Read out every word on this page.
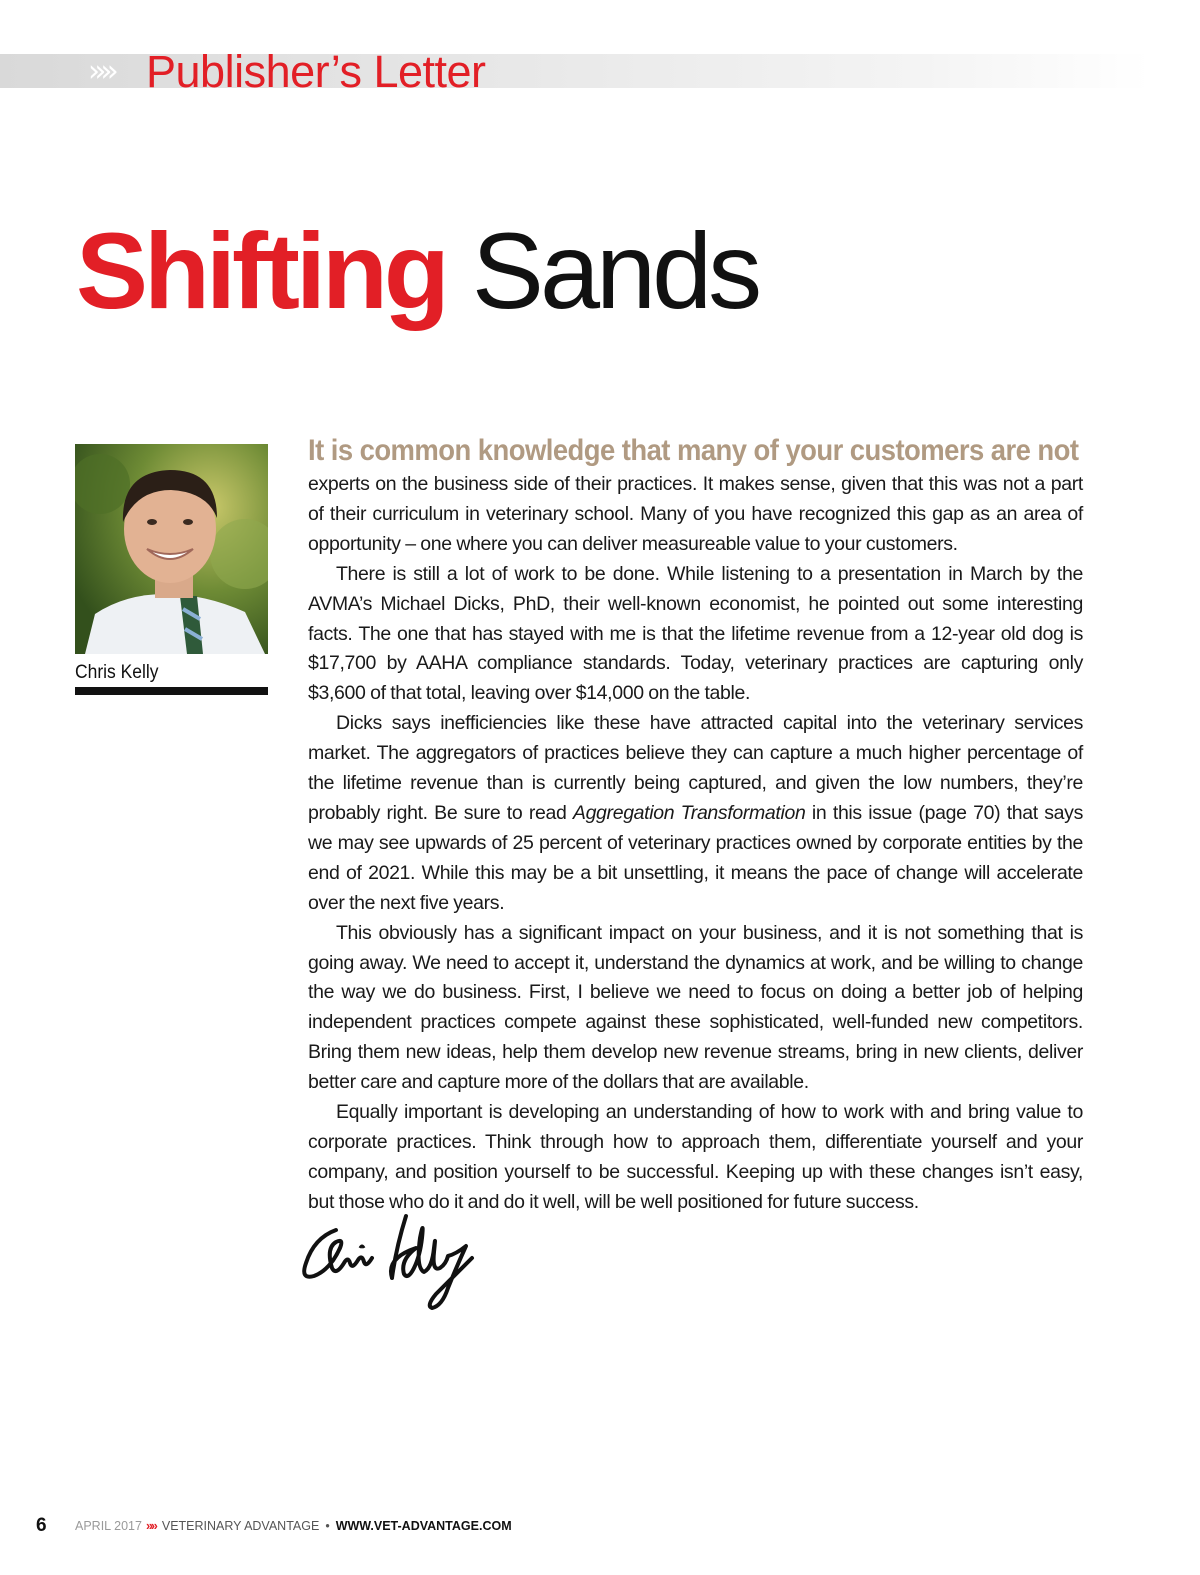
»» Publisher’s Letter
Shifting Sands
Chris Kelly
It is common knowledge that many of your customers are not

experts on the business side of their practices. It makes sense, given that this was not a part of their curriculum in veterinary school. Many of you have recognized this gap as an area of opportunity – one where you can deliver measureable value to your customers.

There is still a lot of work to be done. While listening to a presentation in March by the AVMA’s Michael Dicks, PhD, their well-known economist, he pointed out some interesting facts. The one that has stayed with me is that the lifetime revenue from a 12-year old dog is $17,700 by AAHA compliance standards. Today, veterinary practices are capturing only $3,600 of that total, leaving over $14,000 on the table.

Dicks says inefficiencies like these have attracted capital into the veterinary services market. The aggregators of practices believe they can capture a much higher percentage of the lifetime revenue than is currently being captured, and given the low numbers, they’re probably right. Be sure to read Aggregation Transformation in this issue (page 70) that says we may see upwards of 25 percent of veterinary practices owned by corporate entities by the end of 2021. While this may be a bit unsettling, it means the pace of change will accelerate over the next five years.

This obviously has a significant impact on your business, and it is not something that is going away. We need to accept it, understand the dynamics at work, and be willing to change the way we do business. First, I believe we need to focus on doing a better job of helping independent practices compete against these sophisticated, well-funded new competitors. Bring them new ideas, help them develop new revenue streams, bring in new clients, deliver better care and capture more of the dollars that are available.

Equally important is developing an understanding of how to work with and bring value to corporate practices. Think through how to approach them, differentiate yourself and your company, and position yourself to be successful. Keeping up with these changes isn’t easy, but those who do it and do it well, will be well positioned for future success.

6 APRIL 2017 »» VETERINARY ADVANTAGE • WWW.VET-ADVANTAGE.COM
